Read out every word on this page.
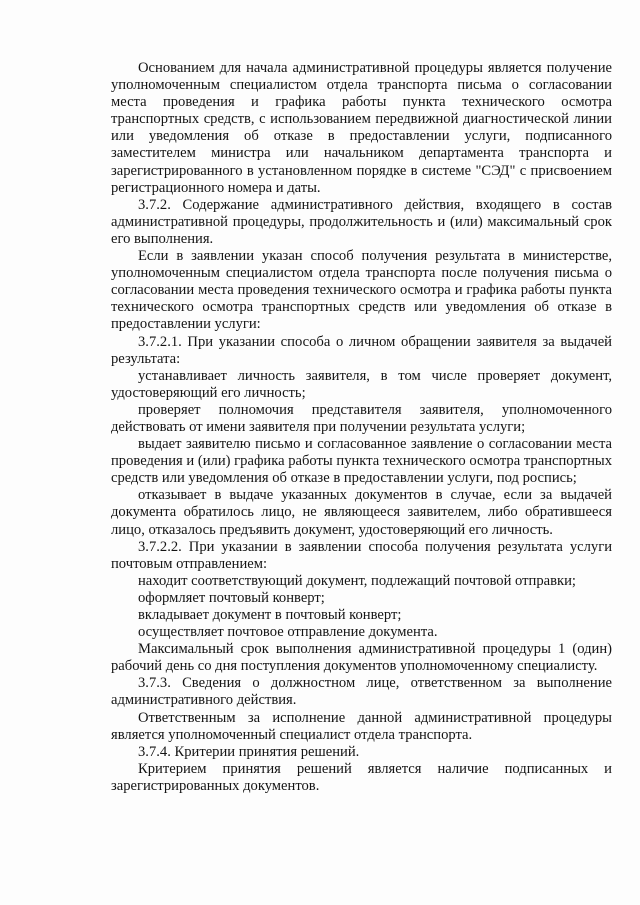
Основанием для начала административной процедуры является получение уполномоченным специалистом отдела транспорта письма о согласовании места проведения и графика работы пункта технического осмотра транспортных средств, с использованием передвижной диагностической линии или уведомления об отказе в предоставлении услуги, подписанного заместителем министра или начальником департамента транспорта и зарегистрированного в установленном порядке в системе "СЭД" с присвоением регистрационного номера и даты.

3.7.2. Содержание административного действия, входящего в состав административной процедуры, продолжительность и (или) максимальный срок его выполнения.

Если в заявлении указан способ получения результата в министерстве, уполномоченным специалистом отдела транспорта после получения письма о согласовании места проведения технического осмотра и графика работы пункта технического осмотра транспортных средств или уведомления об отказе в предоставлении услуги:

3.7.2.1. При указании способа о личном обращении заявителя за выдачей результата:

устанавливает личность заявителя, в том числе проверяет документ, удостоверяющий его личность;

проверяет полномочия представителя заявителя, уполномоченного действовать от имени заявителя при получении результата услуги;

выдает заявителю письмо и согласованное заявление о согласовании места проведения и (или) графика работы пункта технического осмотра транспортных средств или уведомления об отказе в предоставлении услуги, под роспись;

отказывает в выдаче указанных документов в случае, если за выдачей документа обратилось лицо, не являющееся заявителем, либо обратившееся лицо, отказалось предъявить документ, удостоверяющий его личность.

3.7.2.2. При указании в заявлении способа получения результата услуги почтовым отправлением:

находит соответствующий документ, подлежащий почтовой отправки;

оформляет почтовый конверт;

вкладывает документ в почтовый конверт;

осуществляет почтовое отправление документа.

Максимальный срок выполнения административной процедуры 1 (один) рабочий день со дня поступления документов уполномоченному специалисту.

3.7.3. Сведения о должностном лице, ответственном за выполнение административного действия.

Ответственным за исполнение данной административной процедуры является уполномоченный специалист отдела транспорта.

3.7.4. Критерии принятия решений.

Критерием принятия решений является наличие подписанных и зарегистрированных документов.
